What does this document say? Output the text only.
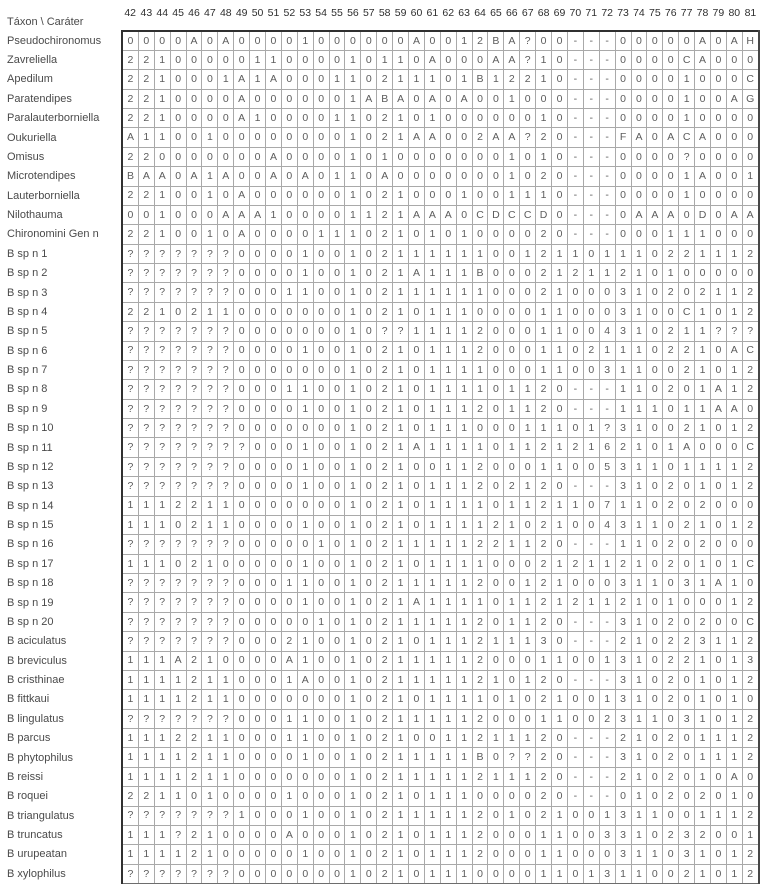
Táxon \ Caráter	42	43	44	45	46	47	48	49	50	51	52	53	54	55	56	57	58	59	60	61	62	63	64	65	66	67	68	69	70	71	72	73	74	75	76	77	78	79	80	81
Pseudochironomus	0	0	0	0	A	0	A	0	0	0	0	1	0	0	0	0	0	0	A	0	0	1	2	B	A	?	0	0	-	-	-	0	0	0	0	0	A	0	A	H
Zavreliella	2	2	1	0	0	0	0	0	1	1	0	0	0	0	1	0	1	1	0	A	0	0	0	A	A	?	1	0	-	-	-	0	0	0	0	C	A	0	0	0
Apedilum	2	2	1	0	0	0	1	A	1	A	0	0	0	1	1	0	2	1	1	1	0	1	B	1	2	2	1	0	-	-	-	0	0	0	0	1	0	0	0	C
Paratendipes	2	2	1	0	0	0	0	A	0	0	0	0	0	0	1	A	B	A	0	A	0	A	0	0	1	0	0	0	-	-	-	0	0	0	0	1	0	0	A	G
Paralauterborniella	2	2	1	0	0	0	0	A	1	0	0	0	0	1	1	0	2	1	0	1	0	0	0	0	0	0	1	0	-	-	-	0	0	0	0	1	0	0	0	0
Oukuriella	A	1	1	0	0	1	0	0	0	0	0	0	0	0	1	0	2	1	A	A	0	0	2	A	A	?	2	0	-	-	-	F	A	0	A	C	A	0	0	0
Omisus	2	2	0	0	0	0	0	0	0	A	0	0	0	0	1	0	1	0	0	0	0	0	0	0	1	0	1	0	-	-	-	0	0	0	0	?	0	0	0	0
Microtendipes	B	A	A	0	A	1	A	0	0	A	0	A	0	1	1	0	A	0	0	0	0	0	0	0	1	0	2	0	-	-	-	0	0	0	0	1	A	0	0	1
Lauterborniella	2	2	1	0	0	1	0	A	0	0	0	0	0	0	1	0	2	1	0	0	0	1	0	0	1	1	1	0	-	-	-	0	0	0	0	1	0	0	0	0
Nilothauma	0	0	1	0	0	0	A	A	A	1	0	0	0	0	1	1	2	1	A	A	A	0	C	D	C	C	D	0	-	-	-	0	A	A	A	0	D	0	A	A
Chironomini Gen n	2	2	1	0	0	1	0	A	0	0	0	0	1	1	1	0	2	1	0	1	0	1	0	0	0	0	2	0	-	-	-	0	0	0	1	1	1	0	0	0
B sp n 1	?	?	?	?	?	?	?	0	0	0	0	1	0	0	1	0	2	1	1	1	1	1	1	0	0	1	2	1	1	0	1	1	1	0	2	2	1	1	1	2
B sp n 2	?	?	?	?	?	?	?	0	0	0	0	1	0	0	1	0	2	1	A	1	1	1	B	0	0	0	2	1	2	1	1	2	1	0	1	0	0	0	0	0
B sp n 3	?	?	?	?	?	?	?	0	0	0	1	1	0	0	1	0	2	1	1	1	1	1	1	0	0	0	2	1	0	0	0	3	1	0	2	0	2	1	1	2
B sp n 4	2	2	1	0	2	1	1	0	0	0	0	0	0	0	1	0	2	1	0	1	1	1	0	0	0	0	1	1	0	0	0	3	1	0	0	C	1	0	1	2
B sp n 5	?	?	?	?	?	?	?	0	0	0	0	0	0	0	1	0	?	?	1	1	1	1	2	0	0	0	1	1	0	0	4	3	1	0	2	1	1	?	?	?
B sp n 6	?	?	?	?	?	?	?	0	0	0	0	1	0	0	1	0	2	1	0	1	1	1	2	0	0	0	1	1	0	2	1	1	1	0	2	2	1	0	A	C
B sp n 7	?	?	?	?	?	?	?	0	0	0	0	0	0	0	1	0	2	1	0	1	1	1	1	0	0	0	1	1	0	0	3	1	1	0	0	2	1	0	1	2
B sp n 8	?	?	?	?	?	?	?	0	0	0	1	1	0	0	1	0	2	1	0	1	1	1	1	0	1	1	2	0	-	-	-	1	1	0	2	0	1	A	1	2
B sp n 9	?	?	?	?	?	?	?	0	0	0	0	1	0	0	1	0	2	1	0	1	1	1	2	0	1	1	2	0	-	-	-	1	1	1	0	1	1	A	A	0
B sp n 10	?	?	?	?	?	?	?	0	0	0	0	0	0	0	1	0	2	1	0	1	1	1	0	0	0	1	1	1	0	1	?	3	1	0	0	2	1	0	1	2
B sp n 11	?	?	?	?	?	?	?	?	0	0	0	1	0	0	1	0	2	1	A	1	1	1	1	0	1	1	2	1	2	1	6	2	1	0	1	A	0	0	0	C
B sp n 12	?	?	?	?	?	?	?	0	0	0	0	1	0	0	1	0	2	1	0	0	1	1	2	0	0	0	1	1	0	0	5	3	1	1	0	1	1	1	1	2
B sp n 13	?	?	?	?	?	?	?	0	0	0	0	1	0	0	1	0	2	1	0	1	1	1	2	0	2	1	2	0	-	-	-	3	1	0	2	0	1	0	1	2
B sp n 14	1	1	1	2	2	1	1	0	0	0	0	0	0	0	1	0	2	1	0	1	1	1	1	0	1	1	2	1	1	0	7	1	1	0	2	0	2	0	0	0
B sp n 15	1	1	1	0	2	1	1	0	0	0	0	1	0	0	1	0	2	1	0	1	1	1	1	2	1	0	2	1	0	0	4	3	1	1	0	2	1	0	1	2
B sp n 16	?	?	?	?	?	?	?	0	0	0	0	0	1	0	1	0	2	1	1	1	1	1	2	2	1	1	2	0	-	-	-	1	1	0	2	0	2	0	0	0
B sp n 17	1	1	1	0	2	1	0	0	0	0	0	1	0	0	1	0	2	1	0	1	1	1	1	0	0	0	2	1	2	1	1	2	1	0	2	0	1	0	1	C
B sp n 18	?	?	?	?	?	?	?	0	0	0	1	1	0	0	1	0	2	1	1	1	1	1	2	0	0	1	2	1	0	0	0	3	1	1	0	3	1	A	1	0
B sp n 19	?	?	?	?	?	?	?	0	0	0	0	1	0	0	1	0	2	1	A	1	1	1	1	0	1	1	2	1	2	1	1	2	1	0	1	0	0	0	1	2
B sp n 20	?	?	?	?	?	?	?	0	0	0	0	0	1	0	1	0	2	1	1	1	1	1	2	0	1	1	2	0	-	-	-	3	1	0	2	0	2	0	0	C
B aciculatus	?	?	?	?	?	?	?	0	0	0	2	1	0	0	1	0	2	1	0	1	1	1	2	1	1	1	3	0	-	-	-	2	1	0	2	2	3	1	1	2
B breviculus	1	1	1	A	2	1	0	0	0	0	A	1	0	0	1	0	2	1	1	1	1	1	2	0	0	0	1	1	0	0	1	3	1	0	2	2	1	0	1	3
B cristhinae	1	1	1	1	2	1	1	0	0	0	1	A	0	0	1	0	2	1	1	1	1	1	2	1	0	1	2	0	-	-	-	3	1	0	2	0	1	0	1	2
B fittkaui	1	1	1	1	2	1	1	0	0	0	0	0	0	0	1	0	2	1	0	1	1	1	1	0	1	0	2	1	0	0	1	3	1	0	2	0	1	0	1	0
B lingulatus	?	?	?	?	?	?	?	0	0	0	1	1	0	0	1	0	2	1	1	1	1	1	2	0	0	0	1	1	0	0	2	3	1	1	0	3	1	0	1	2
B parcus	1	1	1	2	2	1	1	0	0	0	1	1	0	0	1	0	2	1	0	0	1	1	2	1	1	1	2	0	-	-	-	2	1	0	2	0	1	1	1	2
B phytophilus	1	1	1	1	2	1	1	0	0	0	0	1	0	0	1	0	2	1	1	1	1	1	B	0	?	?	2	0	-	-	-	3	1	0	2	0	1	1	1	2
B reissi	1	1	1	1	2	1	1	0	0	0	0	0	0	0	1	0	2	1	1	1	1	1	2	1	1	1	2	0	-	-	-	2	1	0	2	0	1	0	A	0
B roquei	2	2	1	1	0	1	0	0	0	0	1	0	0	0	1	0	2	1	0	1	1	1	0	0	0	0	2	0	-	-	-	0	1	0	2	0	2	0	1	0
B triangulatus	?	?	?	?	?	?	?	1	0	0	0	1	0	0	1	0	2	1	1	1	1	1	2	0	1	0	2	1	0	0	1	3	1	1	0	0	1	1	1	2
B truncatus	1	1	1	?	2	1	0	0	0	0	A	0	0	0	1	0	2	1	0	1	1	1	2	0	0	0	1	1	0	0	3	3	1	0	2	3	2	0	0	1
B urupeatan	1	1	1	1	2	1	0	0	0	0	0	1	0	0	1	0	2	1	0	1	1	1	2	0	0	0	1	1	0	0	0	3	1	1	0	3	1	0	1	2
B xylophilus	?	?	?	?	?	?	?	0	0	0	0	0	0	0	1	0	2	1	0	1	1	1	0	0	0	0	1	1	0	1	3	1	1	0	0	2	1	0	1	2
